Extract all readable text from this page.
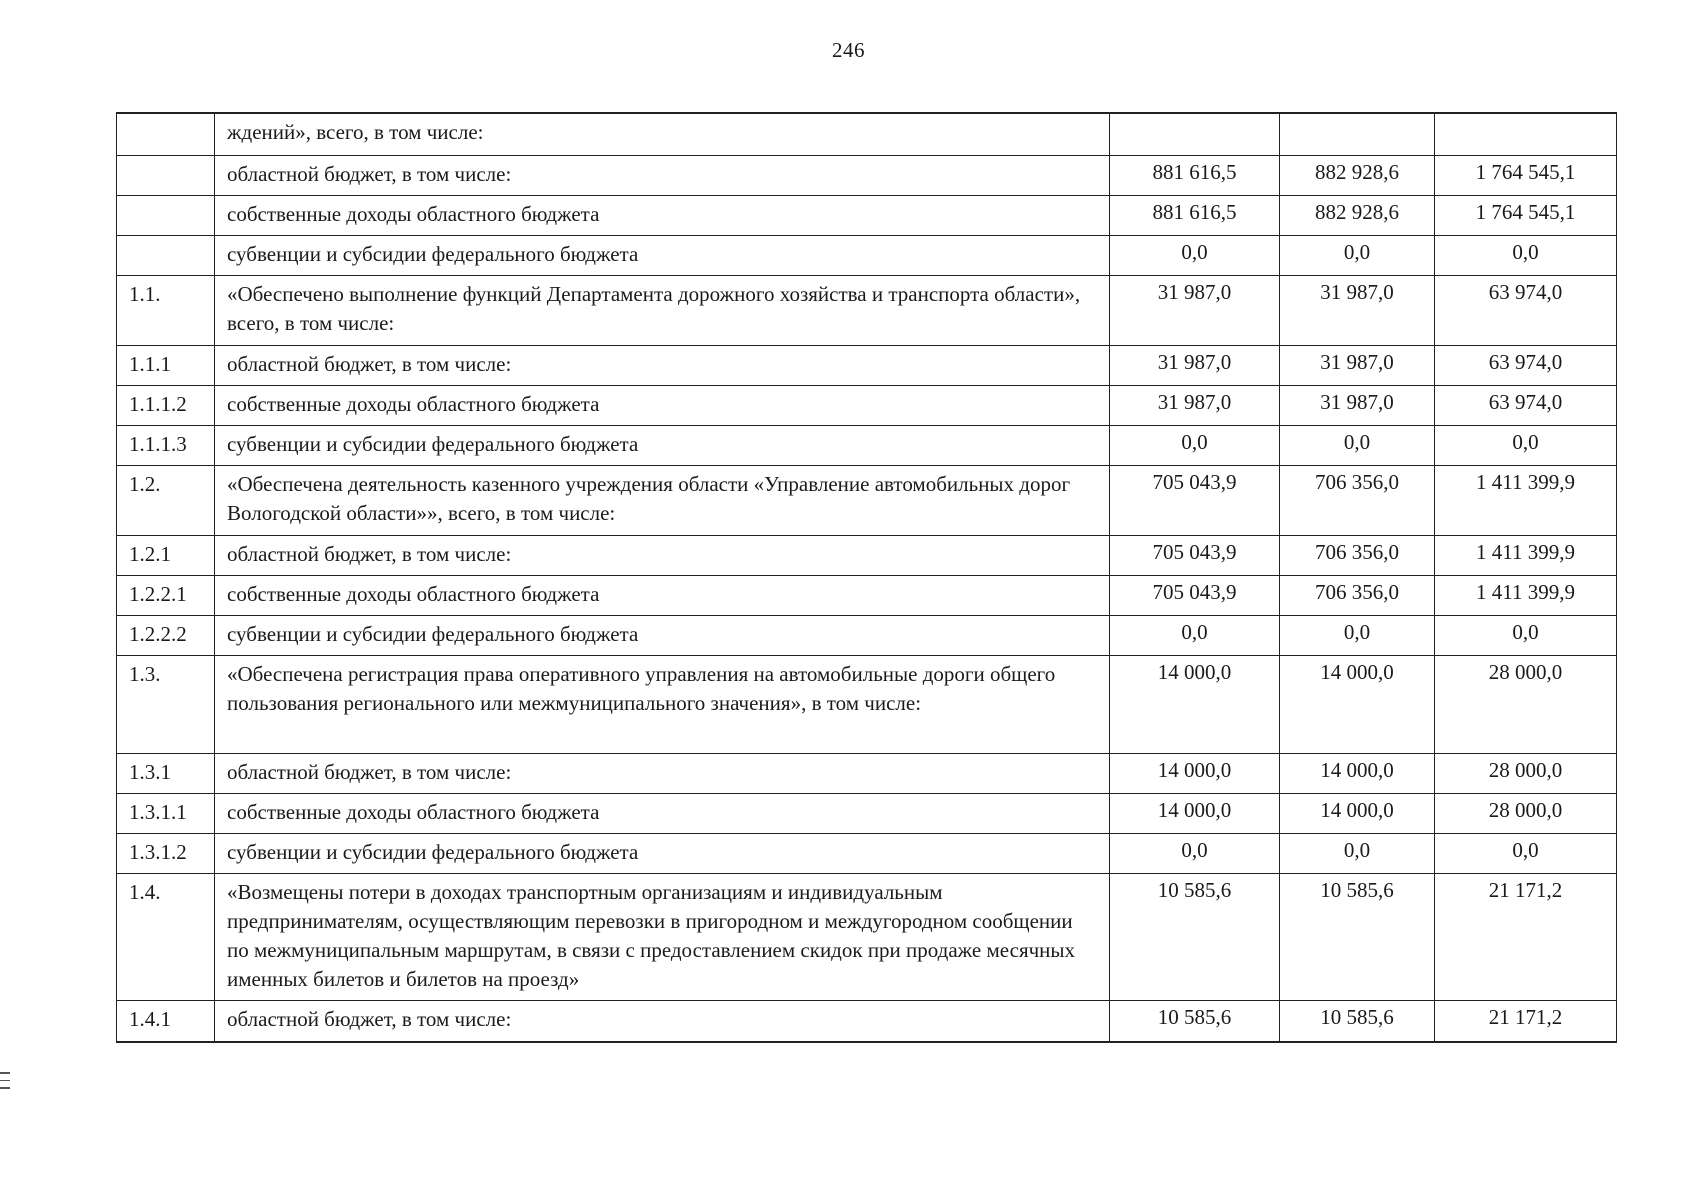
246
	ждений», всего, в том числе:			
	областной бюджет, в том числе:	881 616,5	882 928,6	1 764 545,1
	собственные доходы областного бюджета	881 616,5	882 928,6	1 764 545,1
	субвенции и субсидии федерального бюджета	0,0	0,0	0,0
1.1.	«Обеспечено выполнение функций Департамента дорожного хозяйства и транспорта области», всего, в том числе:	31 987,0	31 987,0	63 974,0
1.1.1	областной бюджет, в том числе:	31 987,0	31 987,0	63 974,0
1.1.1.2	собственные доходы областного бюджета	31 987,0	31 987,0	63 974,0
1.1.1.3	субвенции и субсидии федерального бюджета	0,0	0,0	0,0
1.2.	«Обеспечена деятельность казенного учреждения области «Управление автомобильных дорог Вологодской области»», всего, в том числе:	705 043,9	706 356,0	1 411 399,9
1.2.1	областной бюджет, в том числе:	705 043,9	706 356,0	1 411 399,9
1.2.2.1	собственные доходы областного бюджета	705 043,9	706 356,0	1 411 399,9
1.2.2.2	субвенции и субсидии федерального бюджета	0,0	0,0	0,0
1.3.	«Обеспечена регистрация права оперативного управления на автомобильные дороги общего пользования регионального или межмуниципального значения», в том числе:	14 000,0	14 000,0	28 000,0
1.3.1	областной бюджет, в том числе:	14 000,0	14 000,0	28 000,0
1.3.1.1	собственные доходы областного бюджета	14 000,0	14 000,0	28 000,0
1.3.1.2	субвенции и субсидии федерального бюджета	0,0	0,0	0,0
1.4.	«Возмещены потери в доходах транспортным организациям и индивидуальным предпринимателям, осуществляющим перевозки в пригородном и междугородном сообщении по межмуниципальным маршрутам, в связи с предоставлением скидок при продаже месячных именных билетов и билетов на проезд»	10 585,6	10 585,6	21 171,2
1.4.1	областной бюджет, в том числе:	10 585,6	10 585,6	21 171,2
